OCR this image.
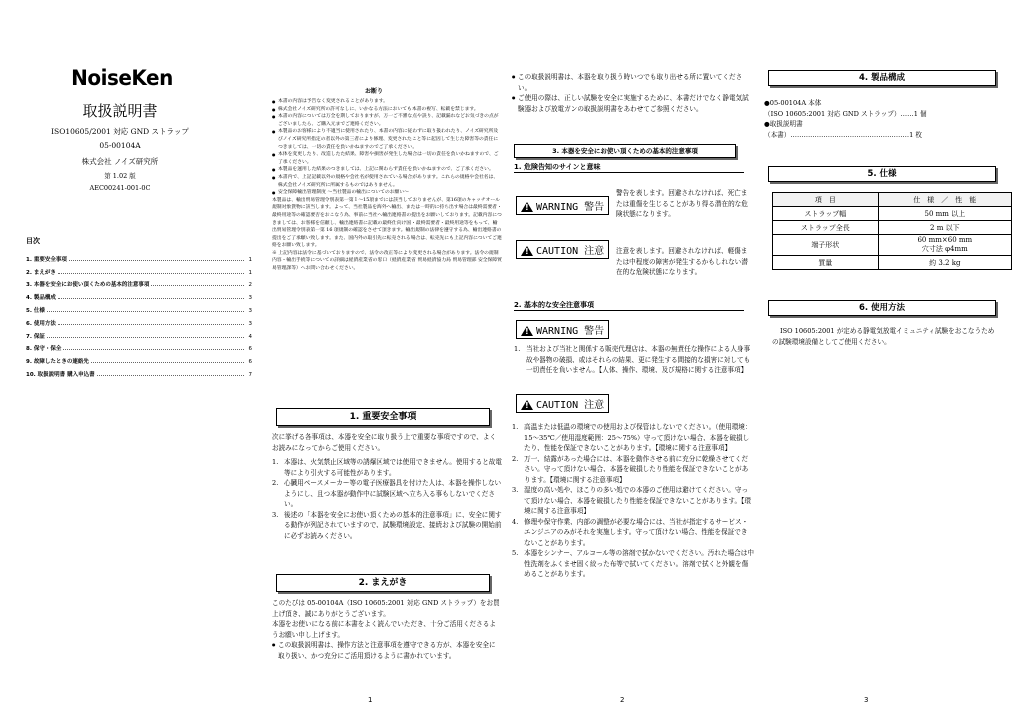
NoiseKen
取扱説明書
ISO10605/2001 対応 GND ストラップ
05-00104A
株式会社 ノイズ研究所
第 1.02 版
AEC00241-001-0C
目次
1. 重要安全事項	1
2. まえがき	1
3. 本器を安全にお使い頂くための基本的注意事項	2
4. 製品構成	3
5. 仕様	3
6. 使用方法	3
7. 保証	4
8. 保守・保全	6
9. 故障したときの連絡先	6
10. 取扱説明書 購入申込書	7
お断り
● 本書の内容は予告なく変更されることがあります。
● 株式会社ノイズ研究所の許可なしに、いかなる方法においても本書の複写、転載を禁じます。
● 本書の内容については万全を期しておりますが、万一ご不審な点や誤り、記載漏れなどお気づきの点がございましたら、ご購入元までご連絡ください。
● 本製品のお客様により不適当に使用されたり、本書の内容に従わずに取り扱われたり、ノイズ研究所及びノイズ研究所指定の者以外の第三者により修理、変更されたこと等に起因して生じた障害等の責任につきましては、一切の責任を負いかねますのでご了承ください。
● 本体を変更したり、改造したた結果、障害や損害が発生した場合は一切の責任を負いかねますので、ご了承ください。
● 本製品を運用した結果のつきましては、上記に関わらず責任を負いかねますので、ご了承ください。
● 本書内で、上記記載以外の規格や会社名が使用されている場合があります。これらの規格や会社名は、株式会社ノイズ研究所に所属するものではありません。
● 安全保障輸出管理制度 〜当社製品の輸出についてのお願い〜
本製品は、輸出貿易管理令別表第一第１〜15項までには該当しておりませんが、第16項のキャッチオール規制対象貨物に該当します。よって、当社製品を海外へ輸出、または一時的に持ち出す場合は最終需要者・最終用途等の確認要否をおこなう為、事前に当社へ輸出連絡書の提出をお願いしております。記載内容につきましては、お客様を信頼し、輸出連絡書に記載の最終仕向け国・最終需要者・最終用途等をもって、輸出貿易管理令別表第一第 16 項規制の確認をさせて頂きます。輸出規制の法律を遵守する為、輸出連絡書の提出をご了承願い致します。また、国内外の取引先に転売される場合は、転売先にも上記内容についてご連絡をお願い致します。
※ 上記内容は法令に基づいておりますので、法令の改正等により変更される場合があります。法令の規制内容・輸出手続等についての詳細は経済産業省の窓口（経済産業省 貿易経済協力局 貿易管理部 安全保障貿易管理課等）へお問い合わせください。
1. 重要安全事項
次に挙げる各事項は、本器を安全に取り扱う上で重要な事項ですので、よくお読みになってからご使用ください。
1. 本器は、火気禁止区域等の誘爆区域では使用できません。使用すると故電等により引火する可能性があります。
2. 心臓用ペースメーカー等の電子医療器具を付けた人は、本器を操作しないようにし、且つ本器が動作中に試験区域へ立ち入る事もしないでください。
3. 後述の「本器を安全にお使い頂くための基本的注意事項」に、安全に関する動作が列記されていますので、試験環境設定、接続および試験の開始前に必ずお読みください。
2. まえがき
このたびは 05-00104A（ISO 10605:2001 対応 GND ストラップ）をお買上げ頂き、誠にありがとうございます。
本器をお使いになる前に本書をよく読んでいただき、十分ご活用くださるようお願い申し上げます。
● この取扱説明書は、操作方法と注意事項を遵守できる方が、本器を安全に取り扱い、かつ充分にご活用頂けるように書かれています。
● この取扱説明書は、本器を取り扱う時いつでも取り出せる所に置いてください。
● ご使用の際は、正しい試験を安全に実施するために、本書だけでなく静電気試験器および放電ガンの取扱説明書をあわせてご参照ください。
3. 本器を安全にお使い頂くための基本的注意事項
1. 危険告知のサインと意味
!WARNING 警告
警告を表します。回避されなければ、死亡または重傷を生じることがあり得る潜在的な危険状態になります。
!CAUTION 注意	注意を表します。回避されなければ、軽傷または中程度の障害が発生するかもしれない潜在的な危険状態になります。
2. 基本的な安全注意事項
!WARNING 警告
1. 当社および当社と関係する販売代理店は、本器の無責任な操作による人身事故や器物の破損、或はそれらの結果、更に発生する間接的な損害に対しても一切責任を負いません。【人体、操作、環境、及び規格に関する注意事項】
!CAUTION 注意
1. 高温または低温の環境での使用および保管はしないでください。（使用環境：15〜35℃／使用湿度範囲：25〜75%）守って頂けない場合、本器を破損したり、性能を保証できないことがあります。【環境に関する注意事項】
2. 万一、結露があった場合には、本器を動作させる前に充分に乾燥させてください。守って頂けない場合、本器を破損したり性能を保証できないことがあります。【環境に関する注意事項】
3. 湿度の高い処や、ほこりの多い処での本器のご使用は避けてください。守って頂けない場合、本器を破損したり性能を保証できないことがあります。【環境に関する注意事項】
4. 修理や保守作業、内部の調整が必要な場合には、当社が指定するサービス・エンジニアのみがそれを実施します。守って頂けない場合、性能を保証できないことがあります。
5. 本器をシンナー、アルコール等の溶剤で拭かないでください。汚れた場合は中性洗剤をふくませ固く絞った布等で拭いてください。溶剤で拭くと外観を傷めることがあります。
4. 製品構成
●05-00104A 本体
（ISO 10605:2001 対応 GND ストラップ） ……1 個
●取扱説明書
（本書） ………………………………………………1 枚
5. 仕様
項　目	仕　様　／　性　能
ストラップ幅	50 mm 以上
ストラップ全長	2 m 以下
端子形状	60 mm×60 mm
穴寸法 φ4mm

質量	約 3.2 kg
6. 使用方法
ISO 10605:2001 が定める静電気放電イミュニティ試験をおこなうための試験環境設備としてご使用ください。
1	2	3
